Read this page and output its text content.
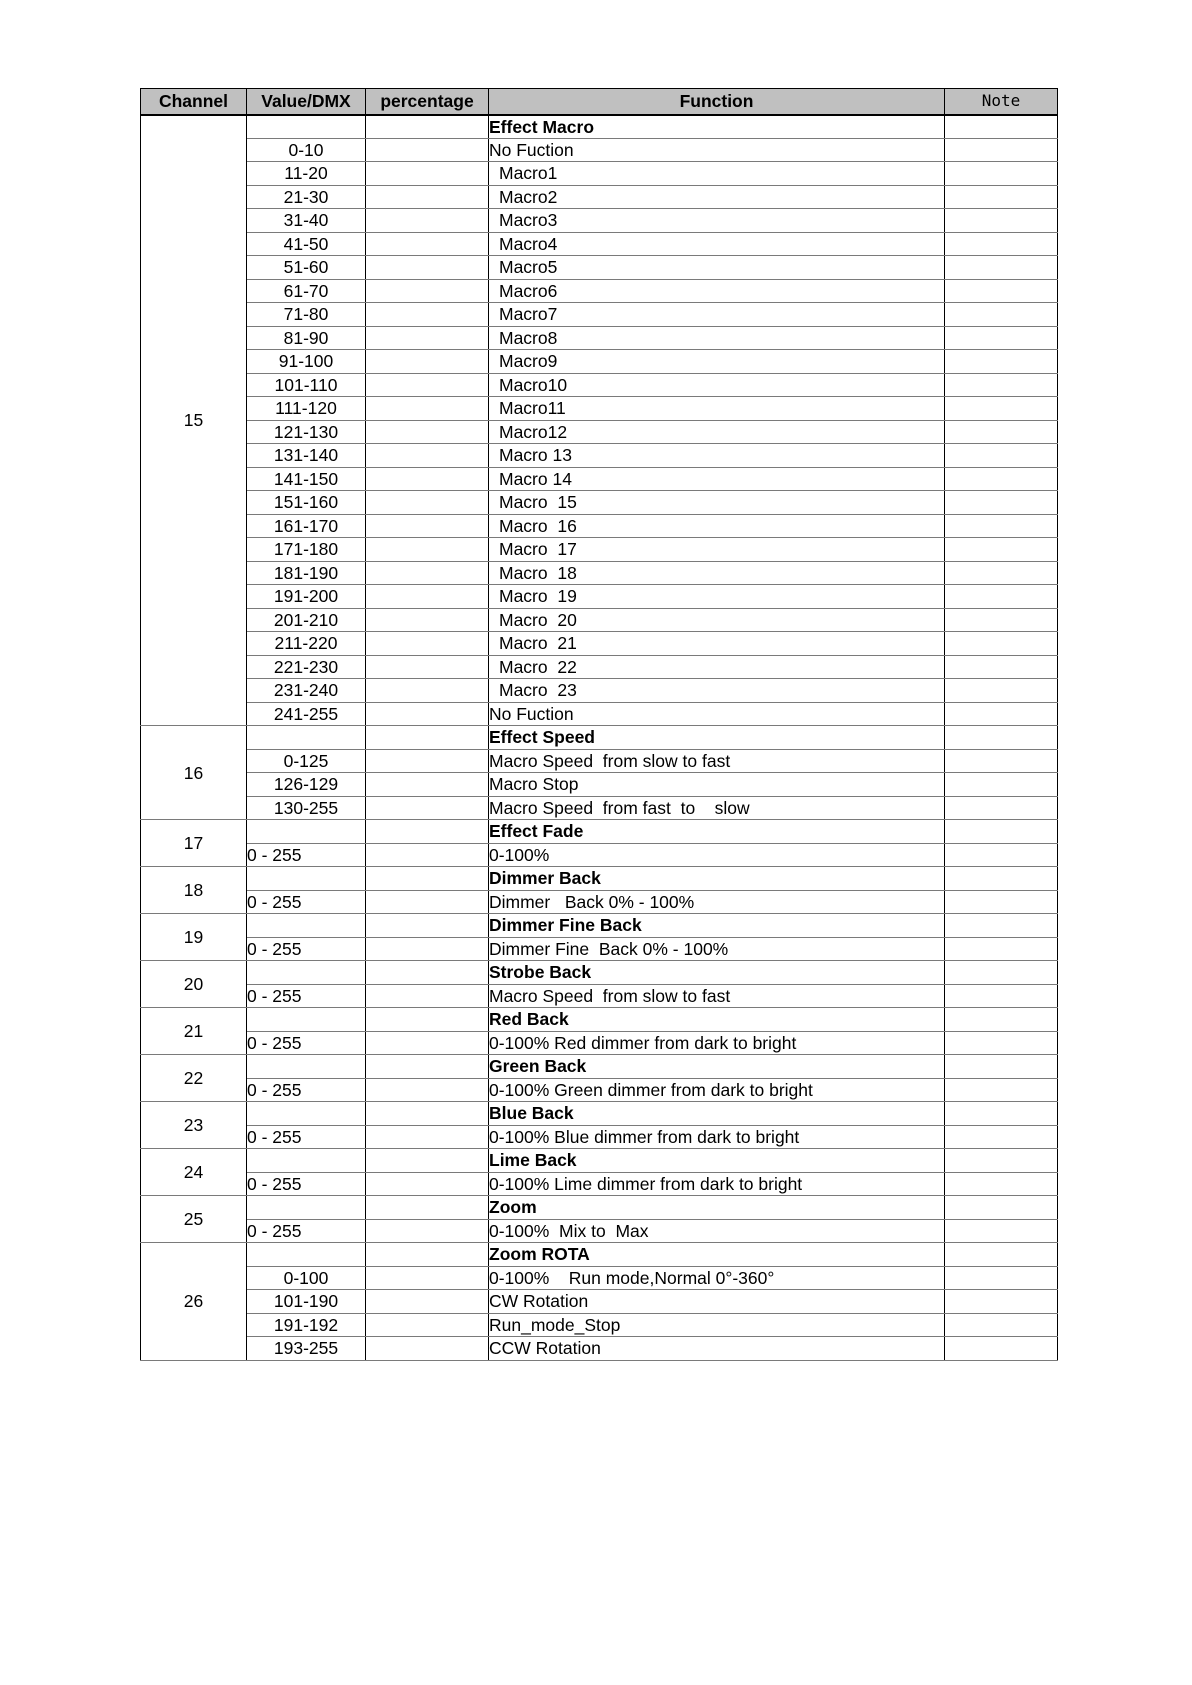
Channel	Value/DMX	percentage	Function	Note
15			Effect Macro	
	0-10		No Fuction	
	11-20		Macro1	
	21-30		Macro2	
	31-40		Macro3	
	41-50		Macro4	
	51-60		Macro5	
	61-70		Macro6	
	71-80		Macro7	
	81-90		Macro8	
	91-100		Macro9	
	101-110		Macro10	
	111-120		Macro11	
	121-130		Macro12	
	131-140		Macro 13	
	141-150		Macro 14	
	151-160		Macro  15	
	161-170		Macro  16	
	171-180		Macro  17	
	181-190		Macro  18	
	191-200		Macro  19	
	201-210		Macro  20	
	211-220		Macro  21	
	221-230		Macro  22	
	231-240		Macro  23	
	241-255		No Fuction	
16			Effect Speed	
	0-125		Macro Speed  from slow to fast	
	126-129		Macro Stop	
	130-255		Macro Speed  from fast  to    slow	
17			Effect Fade	
	0 - 255		0-100%	
18			Dimmer Back	
	0 - 255		Dimmer   Back 0% - 100%	
19			Dimmer Fine Back	
	0 - 255		Dimmer Fine  Back 0% - 100%	
20			Strobe Back	
	0 - 255		Macro Speed  from slow to fast	
21			Red Back	
	0 - 255		0-100% Red dimmer from dark to bright	
22			Green Back	
	0 - 255		0-100% Green dimmer from dark to bright	
23			Blue Back	
	0 - 255		0-100% Blue dimmer from dark to bright	
24			Lime Back	
	0 - 255		0-100% Lime dimmer from dark to bright	
25			Zoom	
	0 - 255		0-100%  Mix to  Max	
26			Zoom ROTA	
	0-100		0-100%    Run mode,Normal 0°-360°	
	101-190		CW Rotation	
	191-192		Run_mode_Stop	
	193-255		CCW Rotation	
